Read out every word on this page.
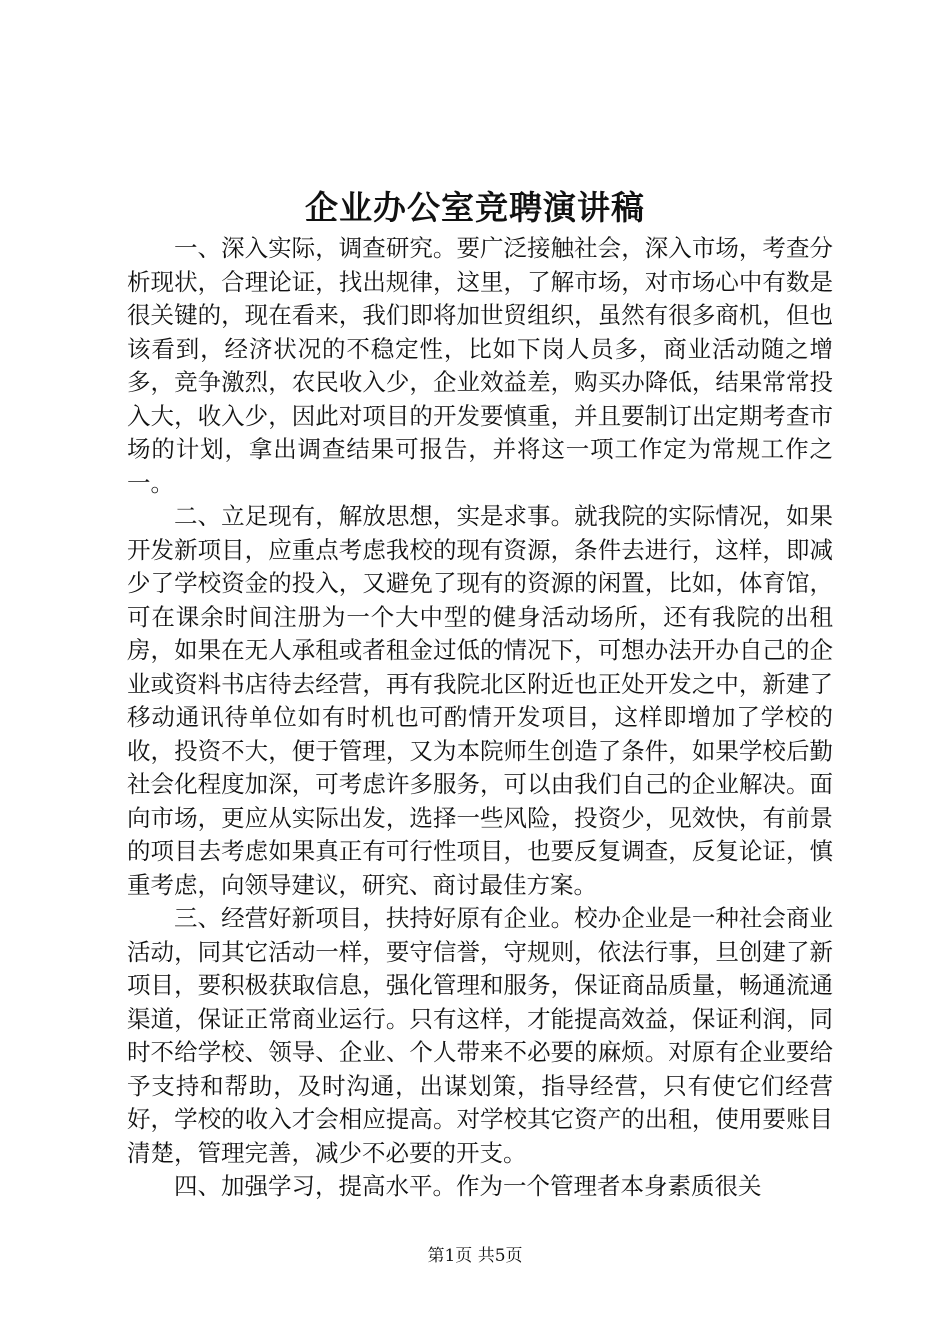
企业办公室竞聘演讲稿

一、深入实际，调查研究。要广泛接触社会，深入市场，考查分析现状，合理论证，找出规律，这里，了解市场，对市场心中有数是很关键的，现在看来，我们即将加世贸组织，虽然有很多商机，但也该看到，经济状况的不稳定性，比如下岗人员多，商业活动随之增多，竞争激烈，农民收入少，企业效益差，购买办降低，结果常常投入大，收入少，因此对项目的开发要慎重，并且要制订出定期考查市场的计划，拿出调查结果可报告，并将这一项工作定为常规工作之一。

二、立足现有，解放思想，实是求事。就我院的实际情况，如果开发新项目，应重点考虑我校的现有资源，条件去进行，这样，即减少了学校资金的投入，又避免了现有的资源的闲置，比如，体育馆，可在课余时间注册为一个大中型的健身活动场所，还有我院的出租房，如果在无人承租或者租金过低的情况下，可想办法开办自己的企业或资料书店待去经营，再有我院北区附近也正处开发之中，新建了移动通讯待单位如有时机也可酌情开发项目，这样即增加了学校的收，投资不大，便于管理，又为本院师生创造了条件，如果学校后勤社会化程度加深，可考虑许多服务，可以由我们自己的企业解决。面向市场，更应从实际出发，选择一些风险，投资少，见效快，有前景的项目去考虑如果真正有可行性项目，也要反复调查，反复论证，慎重考虑，向领导建议，研究、商讨最佳方案。

三、经营好新项目，扶持好原有企业。校办企业是一种社会商业活动，同其它活动一样，要守信誉，守规则，依法行事，旦创建了新项目，要积极获取信息，强化管理和服务，保证商品质量，畅通流通渠道，保证正常商业运行。只有这样，才能提高效益，保证利润，同时不给学校、领导、企业、个人带来不必要的麻烦。对原有企业要给予支持和帮助，及时沟通，出谋划策，指导经营，只有使它们经营好，学校的收入才会相应提高。对学校其它资产的出租，使用要账目清楚，管理完善，减少不必要的开支。

四、加强学习，提高水平。作为一个管理者本身素质很关

第1页 共5页
